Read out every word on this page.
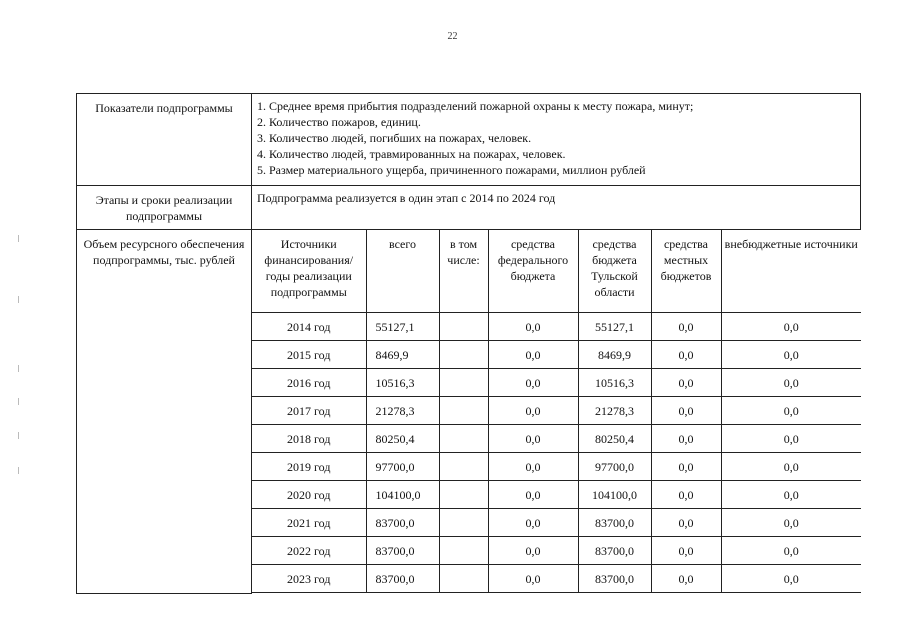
22
Показатели подпрограммы	1. Среднее время прибытия подразделений пожарной охраны к месту пожара, минут;
2. Количество пожаров, единиц.
3. Количество людей, погибших на пожарах, человек.
4. Количество людей, травмированных на пожарах, человек.
5. Размер материального ущерба, причиненного пожарами, миллион рублей

Этапы и сроки реализации подпрограммы	Подпрограмма реализуется в один этап с 2014 по 2024 год
Объем ресурсного обеспечения подпрограммы, тыс. рублей	
Источники финансирования/ годы реализации подпрограммы	всего	в том числе:	средства федерального бюджета	средства бюджета Тульской области	средства местных бюджетов	внебюджетные источники
2014 год	55127,1		0,0	55127,1	0,0	0,0
2015 год	8469,9		0,0	8469,9	0,0	0,0
2016 год	10516,3		0,0	10516,3	0,0	0,0
2017 год	21278,3		0,0	21278,3	0,0	0,0
2018 год	80250,4		0,0	80250,4	0,0	0,0
2019 год	97700,0		0,0	97700,0	0,0	0,0
2020 год	104100,0		0,0	104100,0	0,0	0,0
2021 год	83700,0		0,0	83700,0	0,0	0,0
2022 год	83700,0		0,0	83700,0	0,0	0,0
2023 год	83700,0		0,0	83700,0	0,0	0,0
